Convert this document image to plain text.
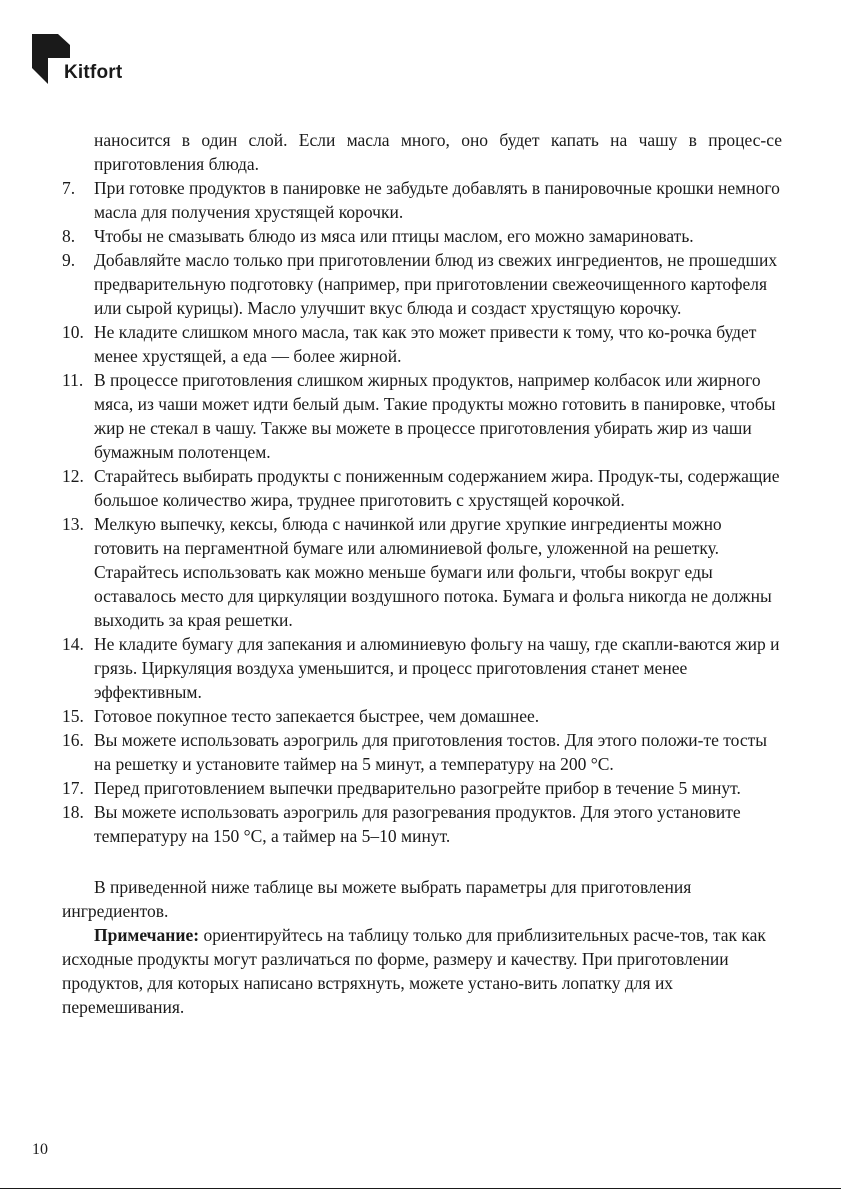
Kitfort
наносится в один слой. Если масла много, оно будет капать на чашу в процес-се приготовления блюда.
7.	При готовке продуктов в панировке не забудьте добавлять в панировочные крошки немного масла для получения хрустящей корочки.
8.	Чтобы не смазывать блюдо из мяса или птицы маслом, его можно замариновать.
9.	Добавляйте масло только при приготовлении блюд из свежих ингредиентов, не прошедших предварительную подготовку (например, при приготовлении свежеочищенного картофеля или сырой курицы). Масло улучшит вкус блюда и создаст хрустящую корочку.
10. Не кладите слишком много масла, так как это может привести к тому, что ко-рочка будет менее хрустящей, а еда — более жирной.
11. В процессе приготовления слишком жирных продуктов, например колбасок или жирного мяса, из чаши может идти белый дым. Такие продукты можно готовить в панировке, чтобы жир не стекал в чашу. Также вы можете в процессе приготовления убирать жир из чаши бумажным полотенцем.
12. Старайтесь выбирать продукты с пониженным содержанием жира. Продук-ты, содержащие большое количество жира, труднее приготовить с хрустящей корочкой.
13. Мелкую выпечку, кексы, блюда с начинкой или другие хрупкие ингредиенты можно готовить на пергаментной бумаге или алюминиевой фольге, уложенной на решетку. Старайтесь использовать как можно меньше бумаги или фольги, чтобы вокруг еды оставалось место для циркуляции воздушного потока. Бумага и фольга никогда не должны выходить за края решетки.
14. Не кладите бумагу для запекания и алюминиевую фольгу на чашу, где скапли-ваются жир и грязь. Циркуляция воздуха уменьшится, и процесс приготовления станет менее эффективным.
15. Готовое покупное тесто запекается быстрее, чем домашнее.
16. Вы можете использовать аэрогриль для приготовления тостов. Для этого положи-те тосты на решетку и установите таймер на 5 минут, а температуру на 200 °С.
17. Перед приготовлением выпечки предварительно разогрейте прибор в течение 5 минут.
18. Вы можете использовать аэрогриль для разогревания продуктов. Для этого установите температуру на 150 °С, а таймер на 5–10 минут.

В приведенной ниже таблице вы можете выбрать параметры для приготовления ингредиентов.

Примечание: ориентируйтесь на таблицу только для приблизительных расче-тов, так как исходные продукты могут различаться по форме, размеру и качеству. При приготовлении продуктов, для которых написано встряхнуть, можете устано-вить лопатку для их перемешивания.

10
